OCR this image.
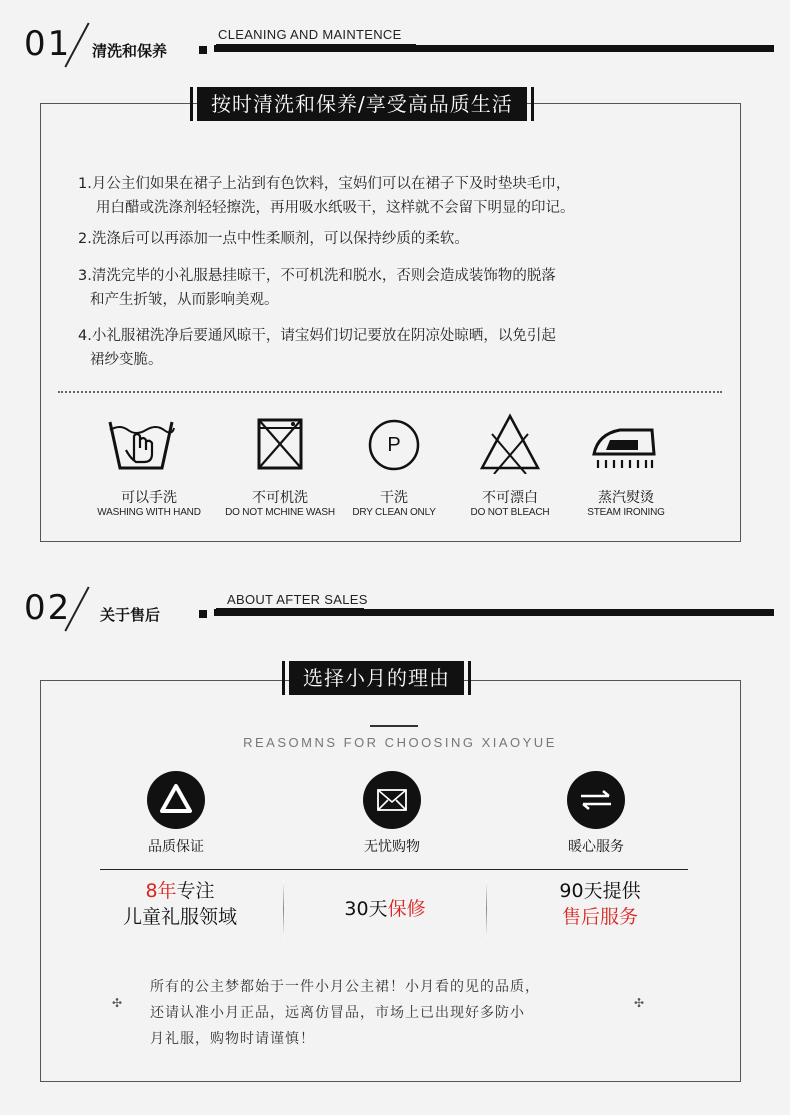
01 清洗和保养
CLEANING AND MAINTENCE
按时清洗和保养/享受高品质生活
1.月公主们如果在裙子上沾到有色饮料，宝妈们可以在裙子下及时垫块毛巾，
用白醋或洗涤剂轻轻擦洗，再用吸水纸吸干，这样就不会留下明显的印记。
2.洗涤后可以再添加一点中性柔顺剂，可以保持纱质的柔软。
3.清洗完毕的小礼服悬挂晾干，不可机洗和脱水，否则会造成装饰物的脱落
和产生折皱，从而影响美观。
4.小礼服裙洗净后要通风晾干，请宝妈们切记要放在阴凉处晾晒，以免引起
裙纱变脆。
P
可以手洗
WASHING WITH HAND
不可机洗
DO NOT MCHINE WASH
干洗
DRY CLEAN ONLY
不可漂白
DO NOT BLEACH
蒸汽熨烫
STEAM IRONING
02 关于售后
ABOUT AFTER SALES
选择小月的理由
REASOMNS FOR CHOOSING XIAOYUE
品质保证	无忧购物	暖心服务
8年专注
儿童礼服领域	30天保修
90天提供
售后服务
✣	✣
所有的公主梦都始于一件小月公主裙！小月看的见的品质，
还请认准小月正品，远离仿冒品，市场上已出现好多防小
月礼服，购物时请谨慎！
